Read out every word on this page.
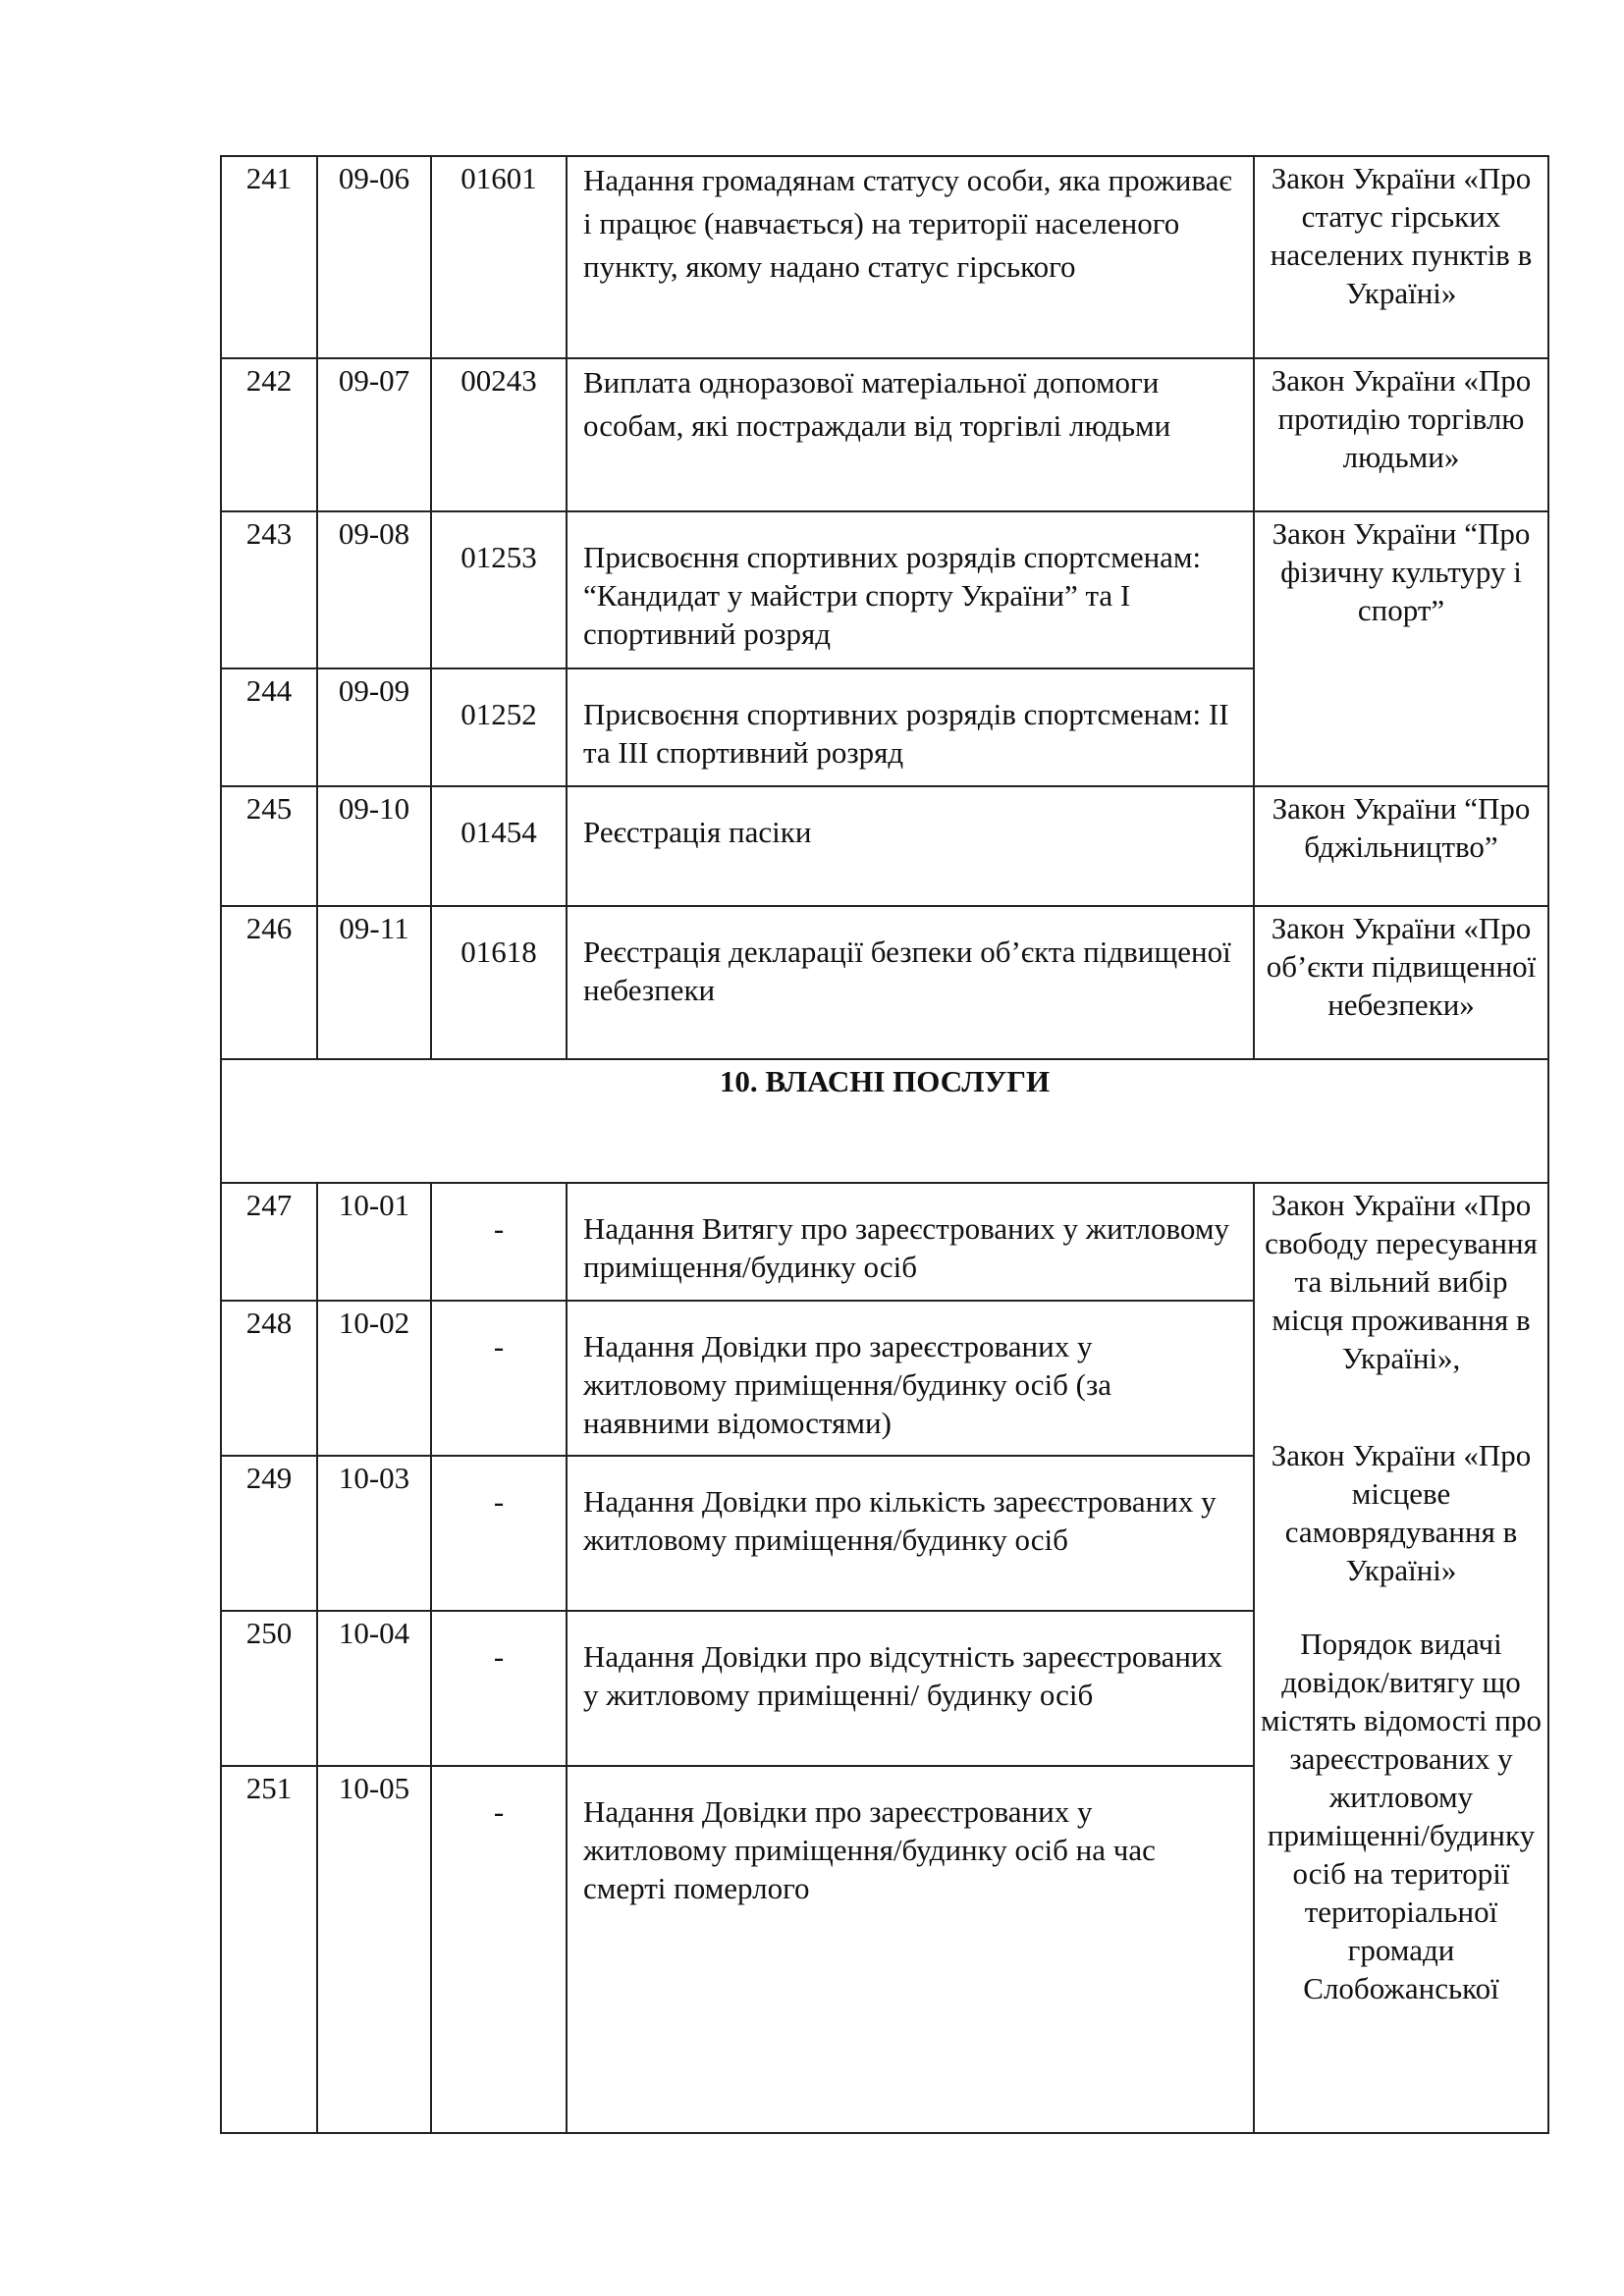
241	09-06	01601	Надання громадянам статусу особи, яка проживає і працює (навчається) на території населеного пункту, якому надано статус гірського	Закон України «Про статус гірських населених пунктів в Україні»
242	09-07	00243	Виплата одноразової матеріальної допомоги особам, які постраждали від торгівлі людьми	Закон України «Про протидію торгівлю людьми»
243	09-08	01253	Присвоєння спортивних розрядів спортсменам: “Кандидат у майстри спорту України” та І спортивний розряд	Закон України “Про фізичну культуру і спорт”
244	09-09	01252	Присвоєння спортивних розрядів спортсменам: ІІ та ІІІ спортивний розряд	
245	09-10	01454	Реєстрація пасіки	Закон України “Про бджільництво”
246	09-11	01618	Реєстрація декларації безпеки об’єкта підвищеної небезпеки	Закон України «Про об’єкти підвищенної небезпеки»
10. ВЛАСНІ ПОСЛУГИ				
247	10-01	-	Надання Витягу про зареєстрованих у житловому приміщення/будинку осіб	Закон України «Про свободу пересування та вільний вибір місця проживання в Україні»,
Закон України «Про місцеве самоврядування в Україні»
Порядок видачі довідок/витягу що містять відомості про зареєстрованих у житловому приміщенні/будинку осіб на території територіальної громади Слобожанської

248	10-02	-	Надання Довідки про зареєстрованих у житловому приміщення/будинку осіб (за наявними відомостями)	
249	10-03	-	Надання Довідки про кількість зареєстрованих у житловому приміщення/будинку осіб	
250	10-04	-	Надання Довідки про відсутність зареєстрованих у житловому приміщенні/ будинку осіб	
251	10-05	-	Надання Довідки про зареєстрованих у житловому приміщення/будинку осіб на час смерті померлого	
